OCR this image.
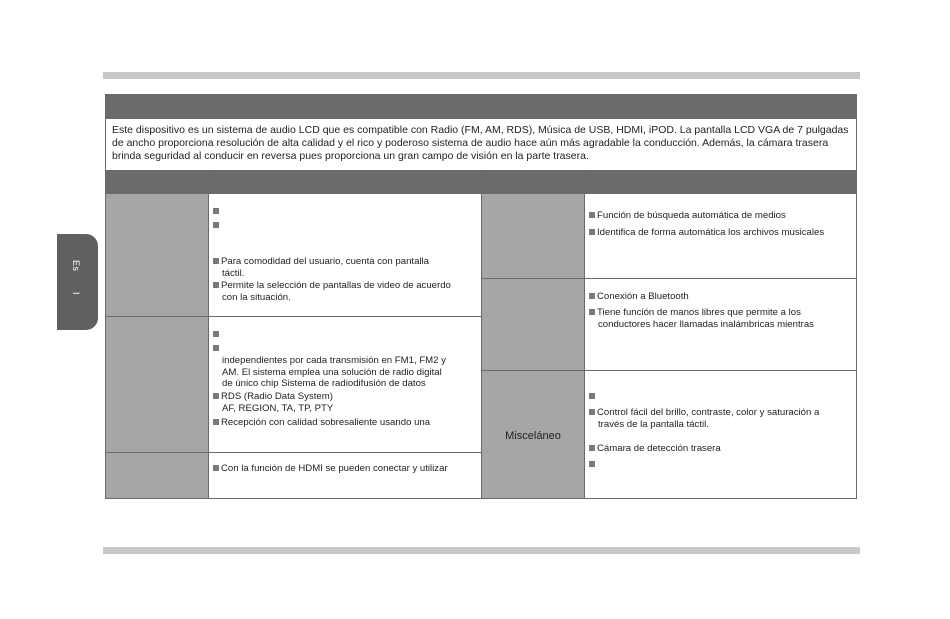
Es
I
Este dispositivo es un sistema de audio LCD que es compatible con Radio (FM, AM, RDS), Música de USB, HDMI, iPOD. La pantalla LCD VGA de 7 pulgadas de ancho proporciona resolución de alta calidad y el rico y poderoso sistema de audio hace aún más agradable la conducción. Además, la cámara trasera brinda seguridad al conducir en reversa pues proporciona un gran campo de visión en la parte trasera.
Misceláneo
Para comodidad del usuario, cuenta con pantalla
táctil.
Permite la selección de pantallas de video de acuerdo
con la situación.
independientes por cada transmisión en FM1, FM2 y
AM. El sistema emplea una solución de radio digital
de único chip Sistema de radiodifusión de datos
RDS (Radio Data System)
AF, REGION, TA, TP, PTY
Recepción con calidad sobresaliente usando una
Con la función de HDMI se pueden conectar y utilizar
Función de búsqueda automática de medios
Identifica de forma automática los archivos musicales
Conexión a Bluetooth
Tiene función de manos libres que permite a los
conductores hacer llamadas inalámbricas mientras
Control fácil del brillo, contraste, color y saturación a
través de la pantalla táctil.
Cámara de detección trasera
